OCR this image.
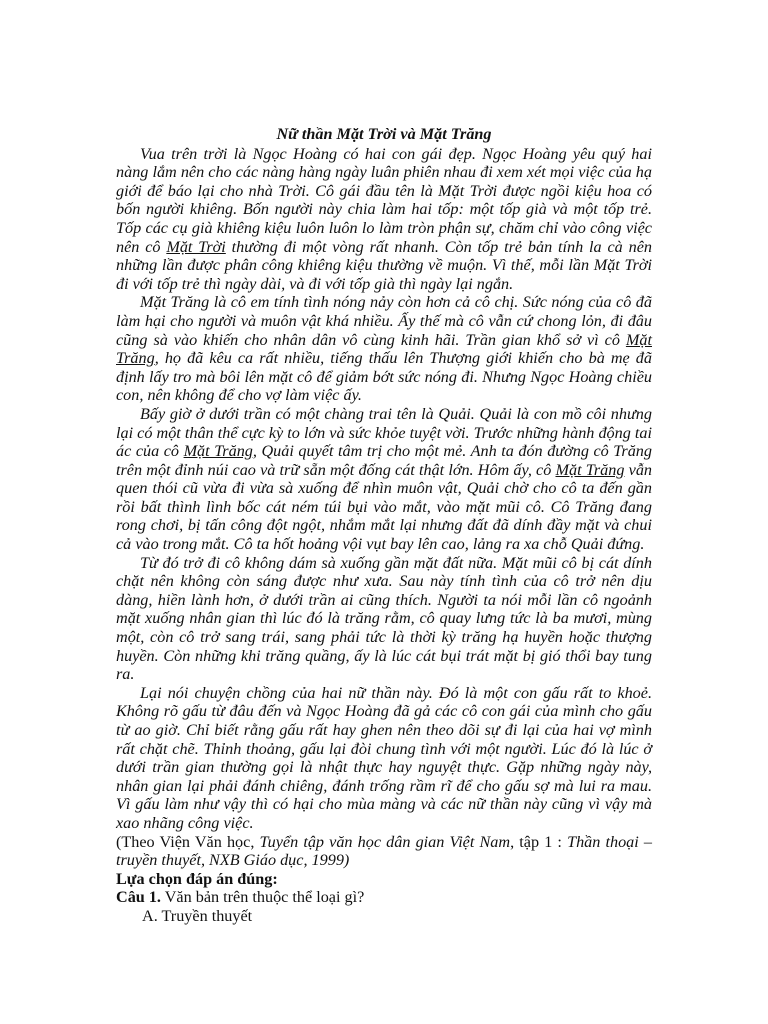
Nữ thần Mặt Trời và Mặt Trăng

Vua trên trời là Ngọc Hoàng có hai con gái đẹp. Ngọc Hoàng yêu quý hai nàng lắm nên cho các nàng hàng ngày luân phiên nhau đi xem xét mọi việc của hạ giới để báo lại cho nhà Trời. Cô gái đầu tên là Mặt Trời được ngồi kiệu hoa có bốn người khiêng. Bốn người này chia làm hai tốp: một tốp già và một tốp trẻ. Tốp các cụ già khiêng kiệu luôn luôn lo làm tròn phận sự, chăm chỉ vào công việc nên cô Mặt Trời thường đi một vòng rất nhanh. Còn tốp trẻ bản tính la cà nên những lần được phân công khiêng kiệu thường về muộn. Vì thế, mỗi lần Mặt Trời đi với tốp trẻ thì ngày dài, và đi với tốp già thì ngày lại ngắn.

Mặt Trăng là cô em tính tình nóng nảy còn hơn cả cô chị. Sức nóng của cô đã làm hại cho người và muôn vật khá nhiều. Ấy thế mà cô vẫn cứ chong lỏn, đi đâu cũng sà vào khiến cho nhân dân vô cùng kinh hãi. Trần gian khổ sở vì cô Mặt Trăng, họ đã kêu ca rất nhiều, tiếng thấu lên Thượng giới khiến cho bà mẹ đã định lấy tro mà bôi lên mặt cô để giảm bớt sức nóng đi. Nhưng Ngọc Hoàng chiều con, nên không để cho vợ làm việc ấy.

Bấy giờ ở dưới trần có một chàng trai tên là Quải. Quải là con mồ côi nhưng lại có một thân thể cực kỳ to lớn và sức khỏe tuyệt vời. Trước những hành động tai ác của cô Mặt Trăng, Quải quyết tâm trị cho một mẻ. Anh ta đón đường cô Trăng trên một đỉnh núi cao và trữ sẵn một đống cát thật lớn. Hôm ấy, cô Mặt Trăng vẫn quen thói cũ vừa đi vừa sà xuống để nhìn muôn vật, Quải chờ cho cô ta đến gần rồi bất thình lình bốc cát ném túi bụi vào mắt, vào mặt mũi cô. Cô Trăng đang rong chơi, bị tấn công đột ngột, nhắm mắt lại nhưng đất đã dính đầy mặt và chui cả vào trong mắt. Cô ta hốt hoảng vội vụt bay lên cao, lảng ra xa chỗ Quải đứng.

Từ đó trở đi cô không dám sà xuống gần mặt đất nữa. Mặt mũi cô bị cát dính chặt nên không còn sáng được như xưa. Sau này tính tình của cô trở nên dịu dàng, hiền lành hơn, ở dưới trần ai cũng thích. Người ta nói mỗi lần cô ngoảnh mặt xuống nhân gian thì lúc đó là trăng rằm, cô quay lưng tức là ba mươi, mùng một, còn cô trở sang trái, sang phải tức là thời kỳ trăng hạ huyền hoặc thượng huyền. Còn những khi trăng quầng, ấy là lúc cát bụi trát mặt bị gió thổi bay tung ra.

Lại nói chuyện chồng của hai nữ thần này. Đó là một con gấu rất to khoẻ. Không rõ gấu từ đâu đến và Ngọc Hoàng đã gả các cô con gái của mình cho gấu từ ao giờ. Chỉ biết rằng gấu rất hay ghen nên theo dõi sự đi lại của hai vợ mình rất chặt chẽ. Thỉnh thoảng, gấu lại đòi chung tình với một người. Lúc đó là lúc ở dưới trần gian thường gọi là nhật thực hay nguyệt thực. Gặp những ngày này, nhân gian lại phải đánh chiêng, đánh trống rầm rĩ để cho gấu sợ mà lui ra mau. Vì gấu làm như vậy thì có hại cho mùa màng và các nữ thần này cũng vì vậy mà xao nhãng công việc.

(Theo Viện Văn học, Tuyển tập văn học dân gian Việt Nam, tập 1 : Thần thoại – truyền thuyết, NXB Giáo dục, 1999)

Lựa chọn đáp án đúng:
Câu 1. Văn bản trên thuộc thể loại gì?
A. Truyền thuyết
